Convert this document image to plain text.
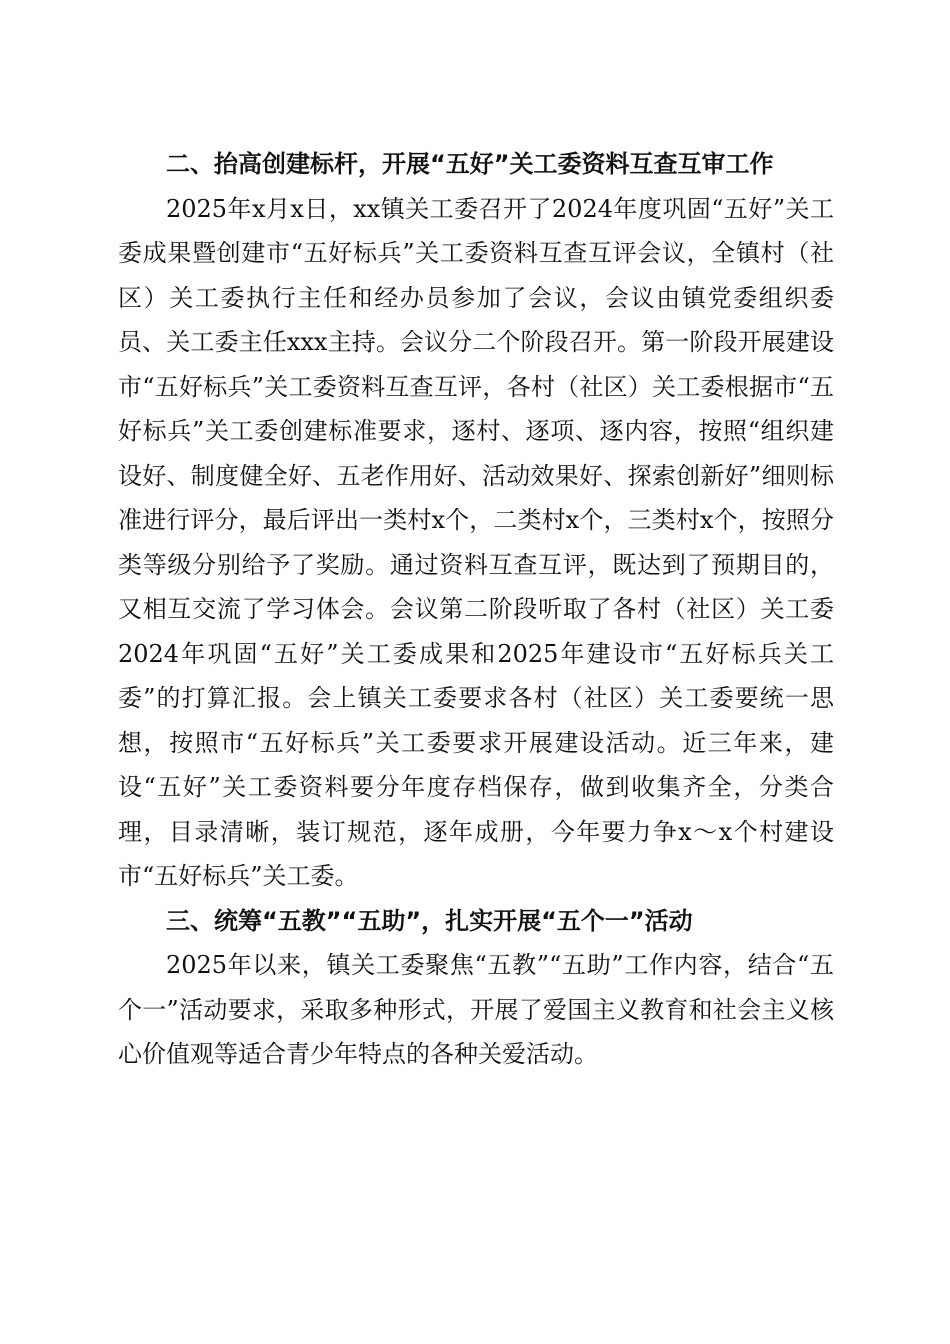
二、抬高创建标杆，开展“五好”关工委资料互查互审工作

2025年x月x日，xx镇关工委召开了2024年度巩固“五好”关工委成果暨创建市“五好标兵”关工委资料互查互评会议，全镇村（社区）关工委执行主任和经办员参加了会议，会议由镇党委组织委员、关工委主任xxx主持。会议分二个阶段召开。第一阶段开展建设市“五好标兵”关工委资料互查互评，各村（社区）关工委根据市“五好标兵”关工委创建标准要求，逐村、逐项、逐内容，按照“组织建设好、制度健全好、五老作用好、活动效果好、探索创新好”细则标准进行评分，最后评出一类村x个，二类村x个，三类村x个，按照分类等级分别给予了奖励。通过资料互查互评，既达到了预期目的，又相互交流了学习体会。会议第二阶段听取了各村（社区）关工委2024年巩固“五好”关工委成果和2025年建设市“五好标兵关工委”的打算汇报。会上镇关工委要求各村（社区）关工委要统一思想，按照市“五好标兵”关工委要求开展建设活动。近三年来，建设“五好”关工委资料要分年度存档保存，做到收集齐全，分类合理，目录清晰，装订规范，逐年成册，今年要力争x～x个村建设市“五好标兵”关工委。

三、统筹“五教”“五助”，扎实开展“五个一”活动

2025年以来，镇关工委聚焦“五教”“五助”工作内容，结合“五个一”活动要求，采取多种形式，开展了爱国主义教育和社会主义核心价值观等适合青少年特点的各种关爱活动。
